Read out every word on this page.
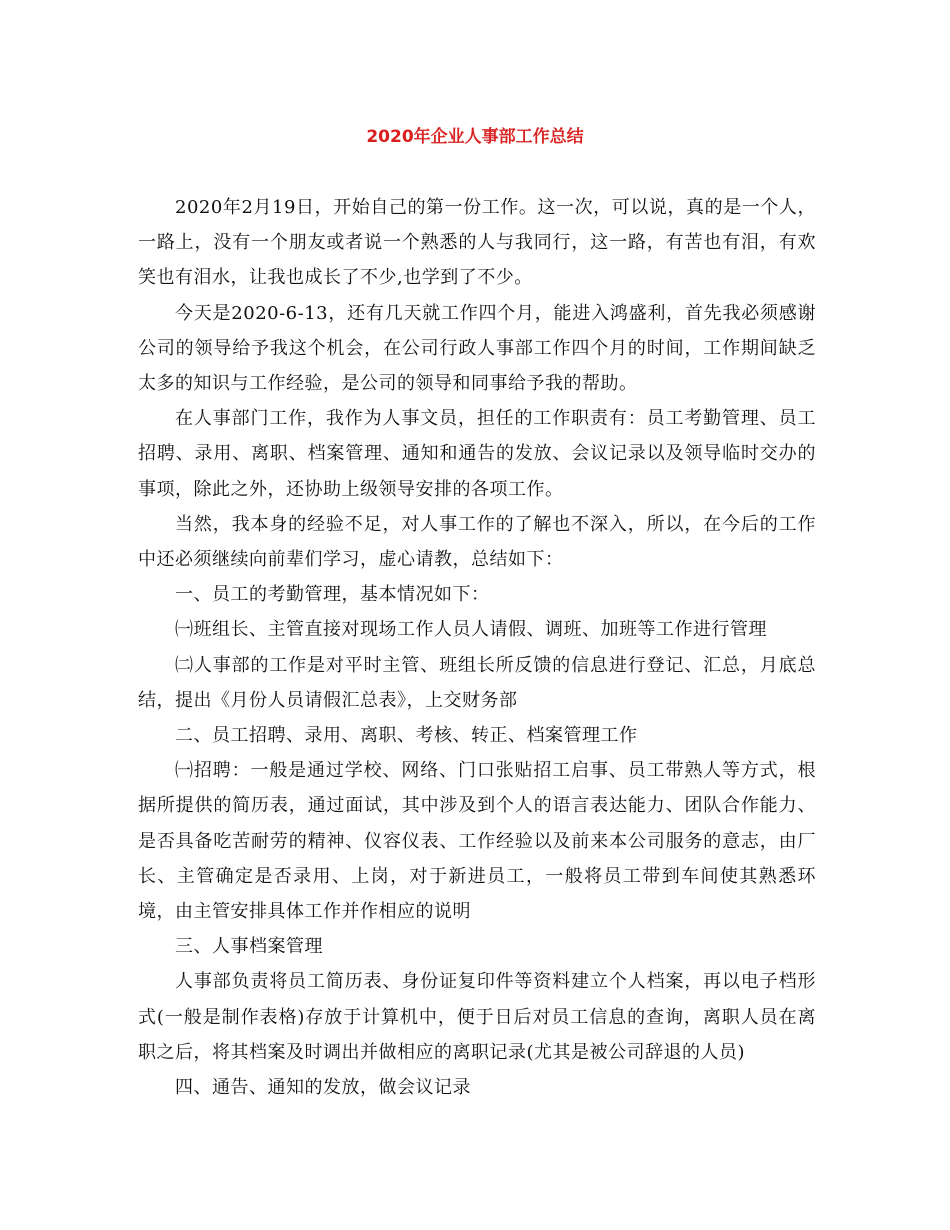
2020年企业人事部工作总结

2020年2月19日，开始自己的第一份工作。这一次，可以说，真的是一个人，一路上，没有一个朋友或者说一个熟悉的人与我同行，这一路，有苦也有泪，有欢笑也有泪水，让我也成长了不少,也学到了不少。

今天是2020-6-13，还有几天就工作四个月，能进入鸿盛利，首先我必须感谢公司的领导给予我这个机会，在公司行政人事部工作四个月的时间，工作期间缺乏太多的知识与工作经验，是公司的领导和同事给予我的帮助。

在人事部门工作，我作为人事文员，担任的工作职责有：员工考勤管理、员工招聘、录用、离职、档案管理、通知和通告的发放、会议记录以及领导临时交办的事项，除此之外，还协助上级领导安排的各项工作。

当然，我本身的经验不足，对人事工作的了解也不深入，所以，在今后的工作中还必须继续向前辈们学习，虚心请教，总结如下：

一、员工的考勤管理，基本情况如下：

㈠班组长、主管直接对现场工作人员人请假、调班、加班等工作进行管理

㈡人事部的工作是对平时主管、班组长所反馈的信息进行登记、汇总，月底总结，提出《月份人员请假汇总表》，上交财务部

二、员工招聘、录用、离职、考核、转正、档案管理工作

㈠招聘：一般是通过学校、网络、门口张贴招工启事、员工带熟人等方式，根据所提供的简历表，通过面试，其中涉及到个人的语言表达能力、团队合作能力、是否具备吃苦耐劳的精神、仪容仪表、工作经验以及前来本公司服务的意志，由厂长、主管确定是否录用、上岗，对于新进员工，一般将员工带到车间使其熟悉环境，由主管安排具体工作并作相应的说明

三、人事档案管理

人事部负责将员工简历表、身份证复印件等资料建立个人档案，再以电子档形式(一般是制作表格)存放于计算机中，便于日后对员工信息的查询，离职人员在离职之后，将其档案及时调出并做相应的离职记录(尤其是被公司辞退的人员)

四、通告、通知的发放，做会议记录
